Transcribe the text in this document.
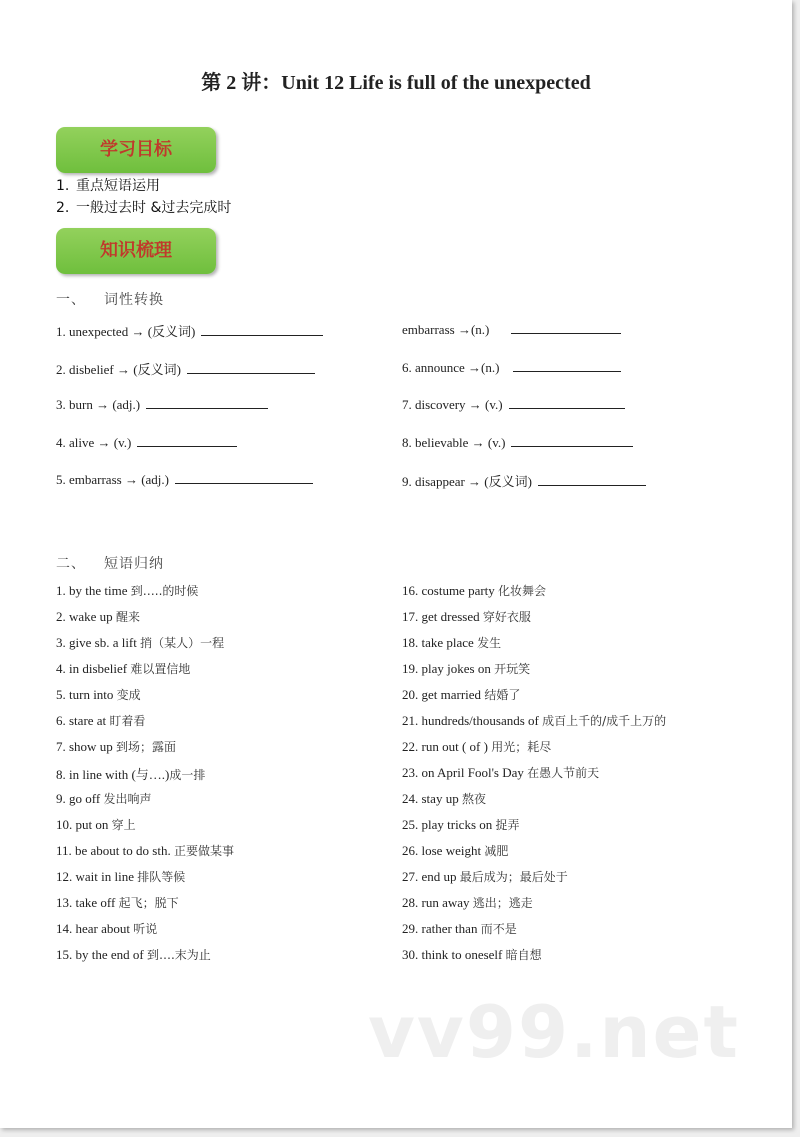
第 2 讲：Unit 12 Life is full of the unexpected
学习目标
1. 重点短语运用
2. 一般过去时 &过去完成时
知识梳理
一、 词性转换
1. unexpected → (反义词)
2. disbelief → (反义词)
3. burn → (adj.)
4. alive → (v.)
5. embarrass → (adj.)
embarrass →(n.)
6. announce →(n.)
7. discovery → (v.)
8. believable → (v.)
9. disappear → (反义词)
二、 短语归纳
1. by the time 到…..的时候
2. wake up 醒来
3. give sb. a lift 捎（某人）一程
4. in disbelief 难以置信地
5. turn into 变成
6. stare at 盯着看
7. show up 到场；露面
8. in line with (与….)成一排
9. go off 发出响声
10. put on 穿上
11. be about to do sth. 正要做某事
12. wait in line 排队等候
13. take off 起飞；脱下
14. hear about 听说
15. by the end of 到….末为止
16. costume party 化妆舞会
17. get dressed 穿好衣服
18. take place 发生
19. play jokes on 开玩笑
20. get married 结婚了
21. hundreds/thousands of 成百上千的/成千上万的
22. run out ( of ) 用光；耗尽
23. on April Fool's Day 在愚人节前天
24. stay up 熬夜
25. play tricks on 捉弄
26. lose weight 减肥
27. end up 最后成为；最后处于
28. run away 逃出；逃走
29. rather than 而不是
30. think to oneself 暗自想
vv99.net
